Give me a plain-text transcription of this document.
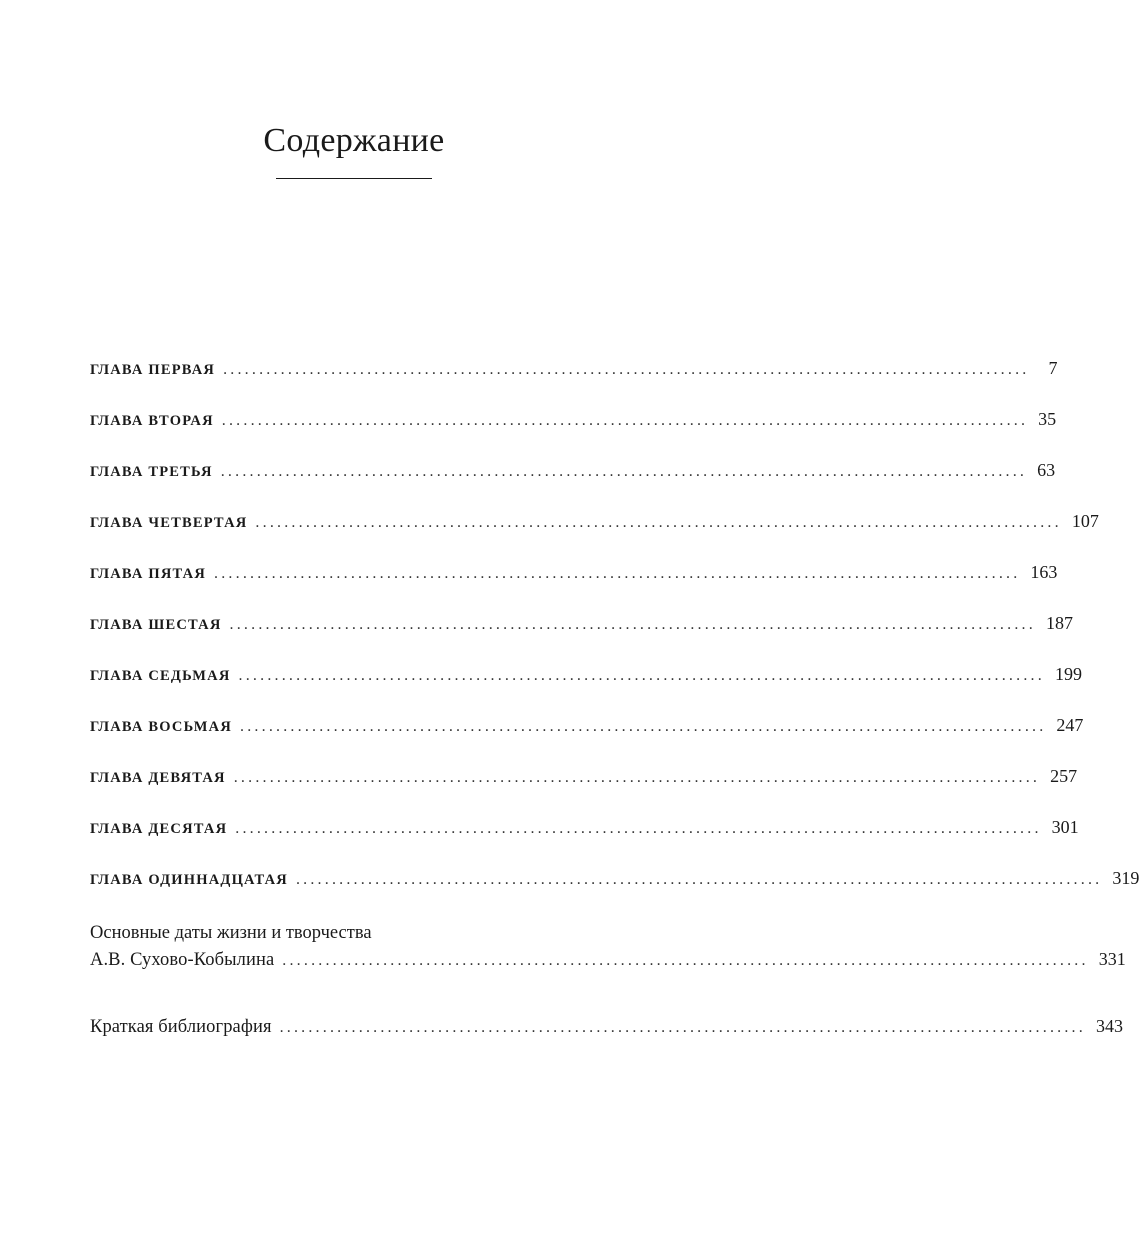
Содержание
ГЛАВА ПЕРВАЯ ................................................................................................................	7
ГЛАВА ВТОРАЯ ................................................................................................................ 35
ГЛАВА ТРЕТЬЯ ................................................................................................................ 63
ГЛАВА ЧЕТВЕРТАЯ ................................................................................................................ 107
ГЛАВА ПЯТАЯ ................................................................................................................ 163
ГЛАВА ШЕСТАЯ ................................................................................................................ 187
ГЛАВА СЕДЬМАЯ ................................................................................................................ 199
ГЛАВА ВОСЬМАЯ ................................................................................................................ 247
ГЛАВА ДЕВЯТАЯ ................................................................................................................ 257
ГЛАВА ДЕСЯТАЯ ................................................................................................................ 301
ГЛАВА ОДИННАДЦАТАЯ ................................................................................................................ 319
Основные даты жизни и творчества
А.В. Сухово-Кобылина ................................................................................................................ 331
Краткая библиография ................................................................................................................ 343
